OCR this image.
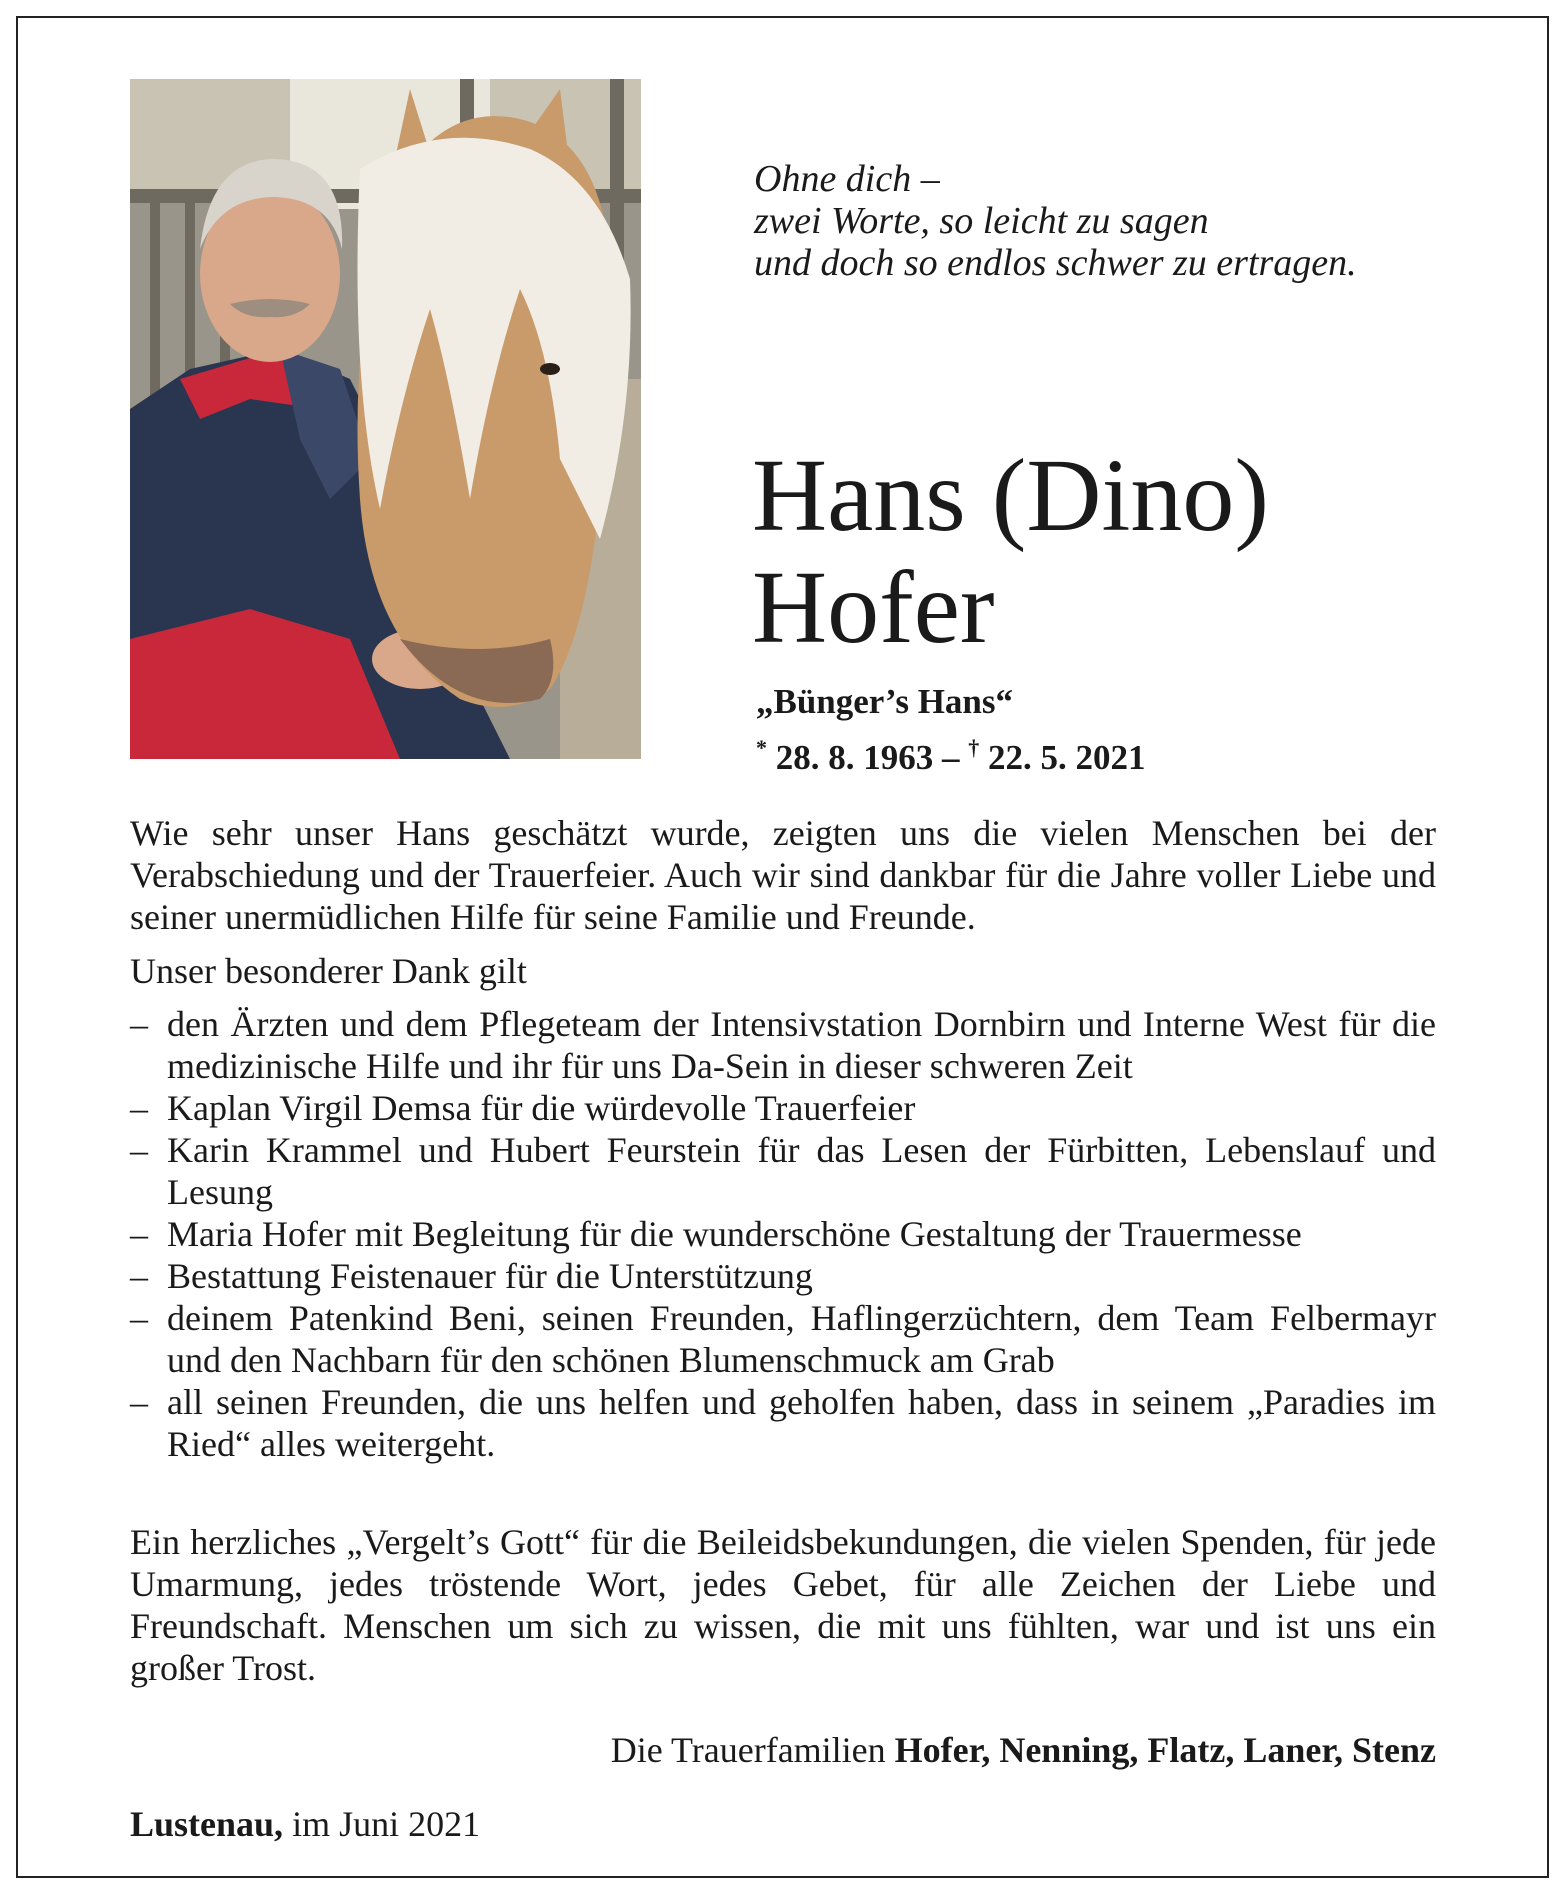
Ohne dich –
zwei Worte, so leicht zu sagen
und doch so endlos schwer zu ertragen.
Hans (Dino)
Hofer
„Bünger’s Hans“
* 28. 8. 1963 – † 22. 5. 2021
Wie sehr unser Hans geschätzt wurde, zeigten uns die vielen Menschen bei der Verabschiedung und der Trauerfeier. Auch wir sind dankbar für die Jahre voller Liebe und seiner unermüdlichen Hilfe für seine Familie und Freunde.
Unser besonderer Dank gilt
– den Ärzten und dem Pflegeteam der Intensivstation Dornbirn und Interne West für die medizinische Hilfe und ihr für uns Da-Sein in dieser schweren Zeit
– Kaplan Virgil Demsa für die würdevolle Trauerfeier
– Karin Krammel und Hubert Feurstein für das Lesen der Fürbitten, Lebenslauf und Lesung
– Maria Hofer mit Begleitung für die wunderschöne Gestaltung der Trauermesse
– Bestattung Feistenauer für die Unterstützung
– deinem Patenkind Beni, seinen Freunden, Haflingerzüchtern, dem Team Felbermayr und den Nachbarn für den schönen Blumenschmuck am Grab
– all seinen Freunden, die uns helfen und geholfen haben, dass in seinem „Paradies im Ried“ alles weitergeht.
Ein herzliches „Vergelt’s Gott“ für die Beileidsbekundungen, die vielen Spenden, für jede Umarmung, jedes tröstende Wort, jedes Gebet, für alle Zeichen der Liebe und Freundschaft. Menschen um sich zu wissen, die mit uns fühlten, war und ist uns ein großer Trost.
Die Trauerfamilien Hofer, Nenning, Flatz, Laner, Stenz
Lustenau, im Juni 2021
